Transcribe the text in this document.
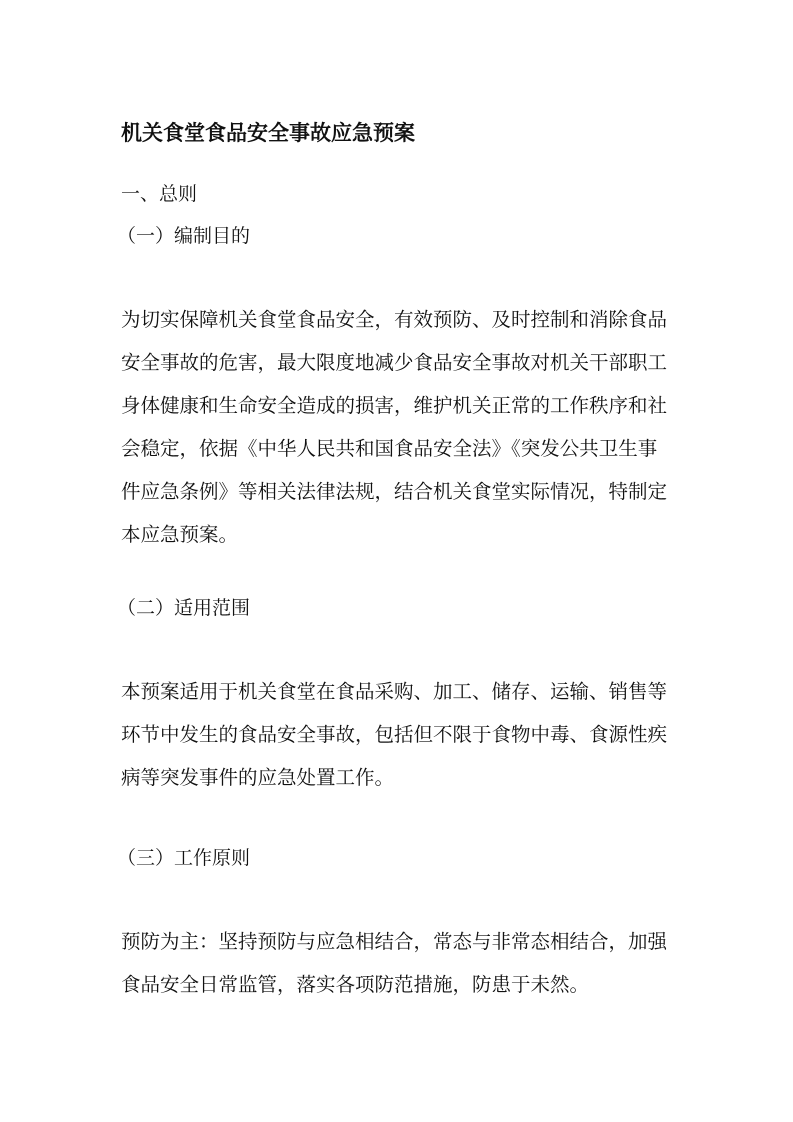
机关食堂食品安全事故应急预案
一、总则
（一）编制目的
为切实保障机关食堂食品安全，有效预防、及时控制和消除食品
安全事故的危害，最大限度地减少食品安全事故对机关干部职工
身体健康和生命安全造成的损害，维护机关正常的工作秩序和社
会稳定，依据《中华人民共和国食品安全法》《突发公共卫生事
件应急条例》等相关法律法规，结合机关食堂实际情况，特制定
本应急预案。
（二）适用范围
本预案适用于机关食堂在食品采购、加工、储存、运输、销售等
环节中发生的食品安全事故，包括但不限于食物中毒、食源性疾
病等突发事件的应急处置工作。
（三）工作原则
预防为主：坚持预防与应急相结合，常态与非常态相结合，加强
食品安全日常监管，落实各项防范措施，防患于未然。
